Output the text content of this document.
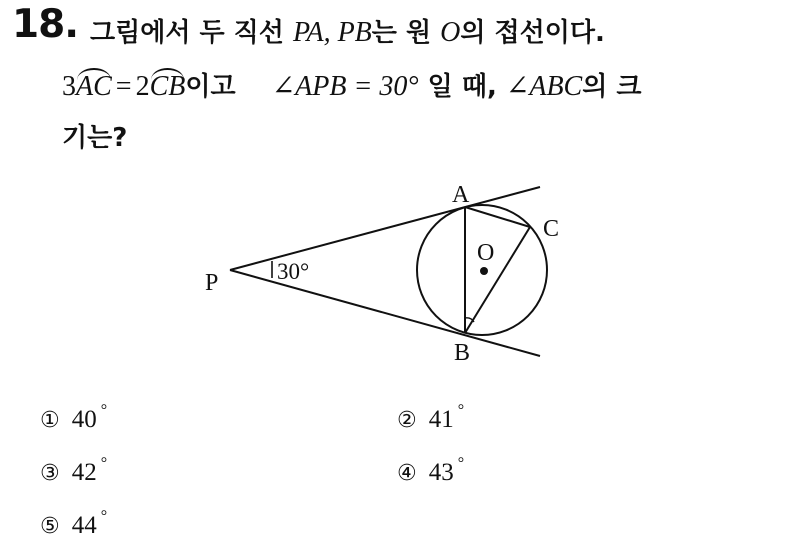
18. 그림에서 두 직선 PA, PB는 원 O의 접선이다.
3AC = 2CB이고 ∠APB = 30° 일 때, ∠ABC의 크
기는?
A
B
C
O
P	30°
① 40 °	② 41 °
③ 42 °	④ 43 °
⑤ 44 °
